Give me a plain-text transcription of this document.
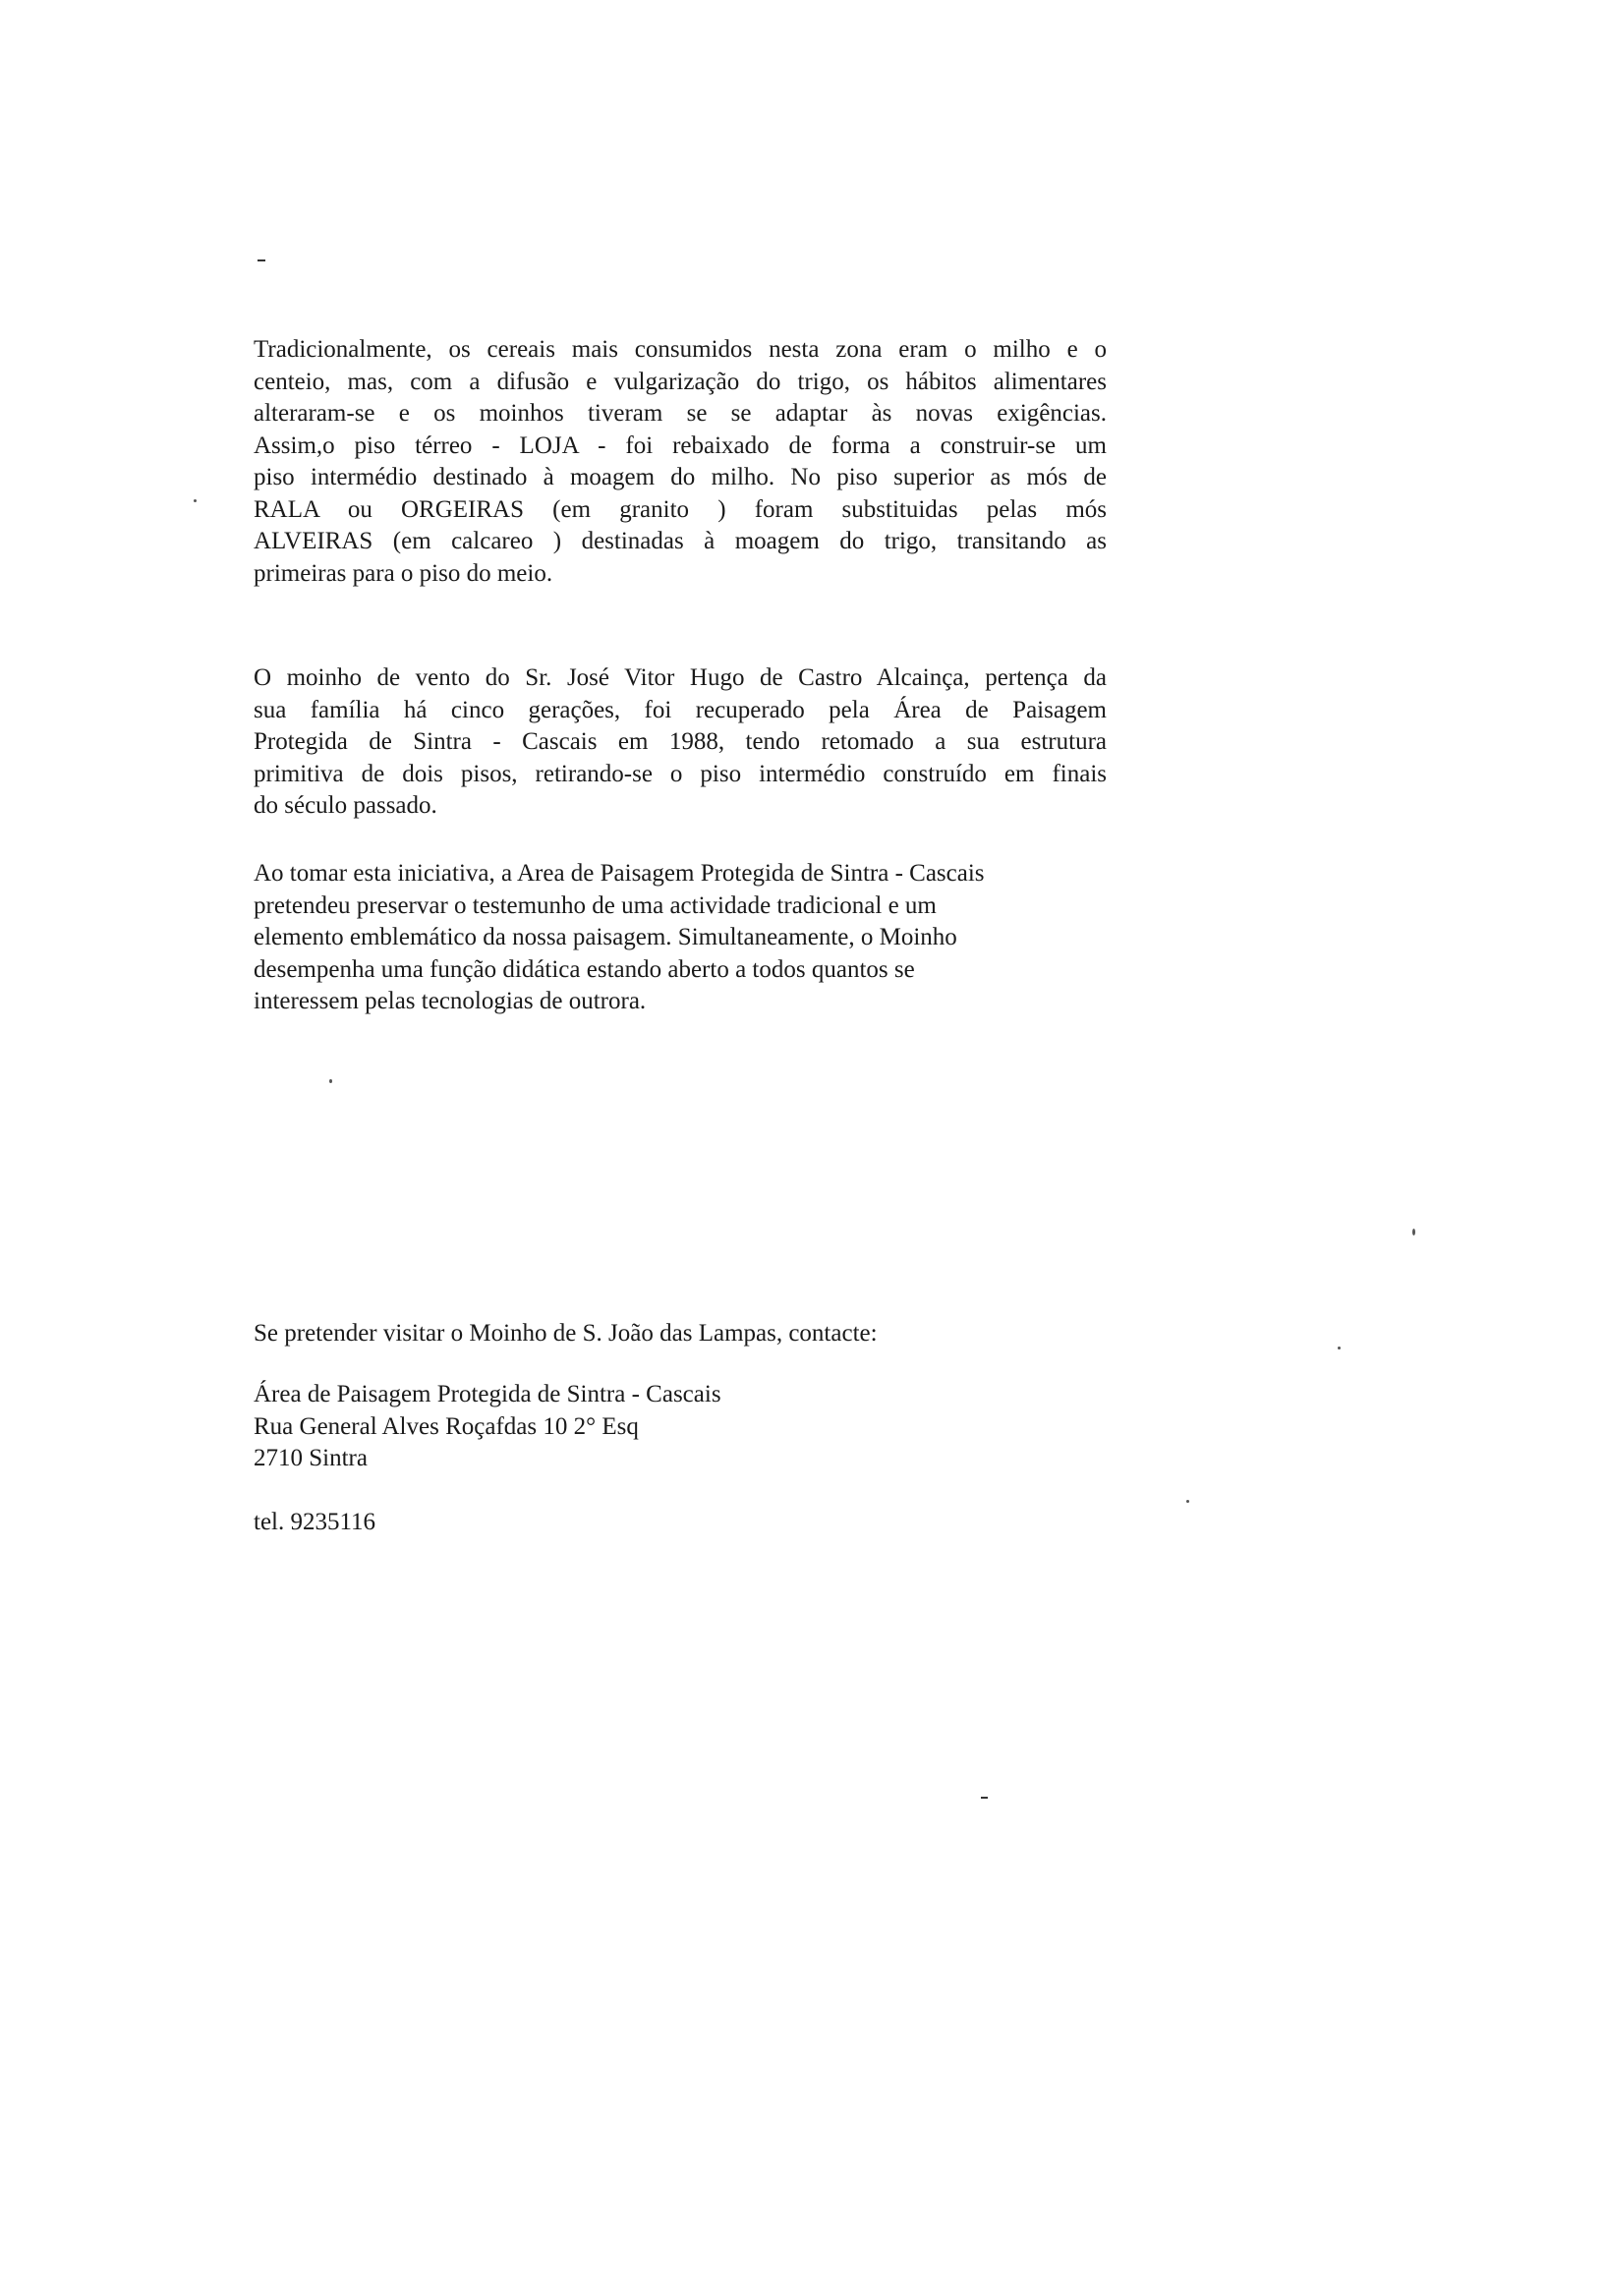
Tradicionalmente, os cereais mais consumidos nesta zona eram o milho e o
centeio, mas, com a difusão e vulgarização do trigo, os hábitos alimentares
alteraram-se e os moinhos tiveram se se adaptar às novas exigências.
Assim,o piso térreo - LOJA - foi rebaixado de forma a construir-se um
piso intermédio destinado à moagem do milho. No piso superior as mós de
RALA ou ORGEIRAS (em granito ) foram substituidas pelas mós
ALVEIRAS (em calcareo ) destinadas à moagem do trigo, transitando as
primeiras para o piso do meio.

O moinho de vento do Sr. José Vitor Hugo de Castro Alcainça, pertença da
sua família há cinco gerações, foi recuperado pela Área de Paisagem
Protegida de Sintra - Cascais em 1988, tendo retomado a sua estrutura
primitiva de dois pisos, retirando-se o piso intermédio construído em finais
do século passado.

Ao tomar esta iniciativa, a Area de Paisagem Protegida de Sintra - Cascais
pretendeu preservar o testemunho de uma actividade tradicional e um
elemento emblemático da nossa paisagem. Simultaneamente, o Moinho
desempenha uma função didática estando aberto a todos quantos se
interessem pelas tecnologias de outrora.

Se pretender visitar o Moinho de S. João das Lampas, contacte:

Área de Paisagem Protegida de Sintra - Cascais
Rua General Alves Roçafdas 10 2° Esq
2710 Sintra

tel. 9235116
